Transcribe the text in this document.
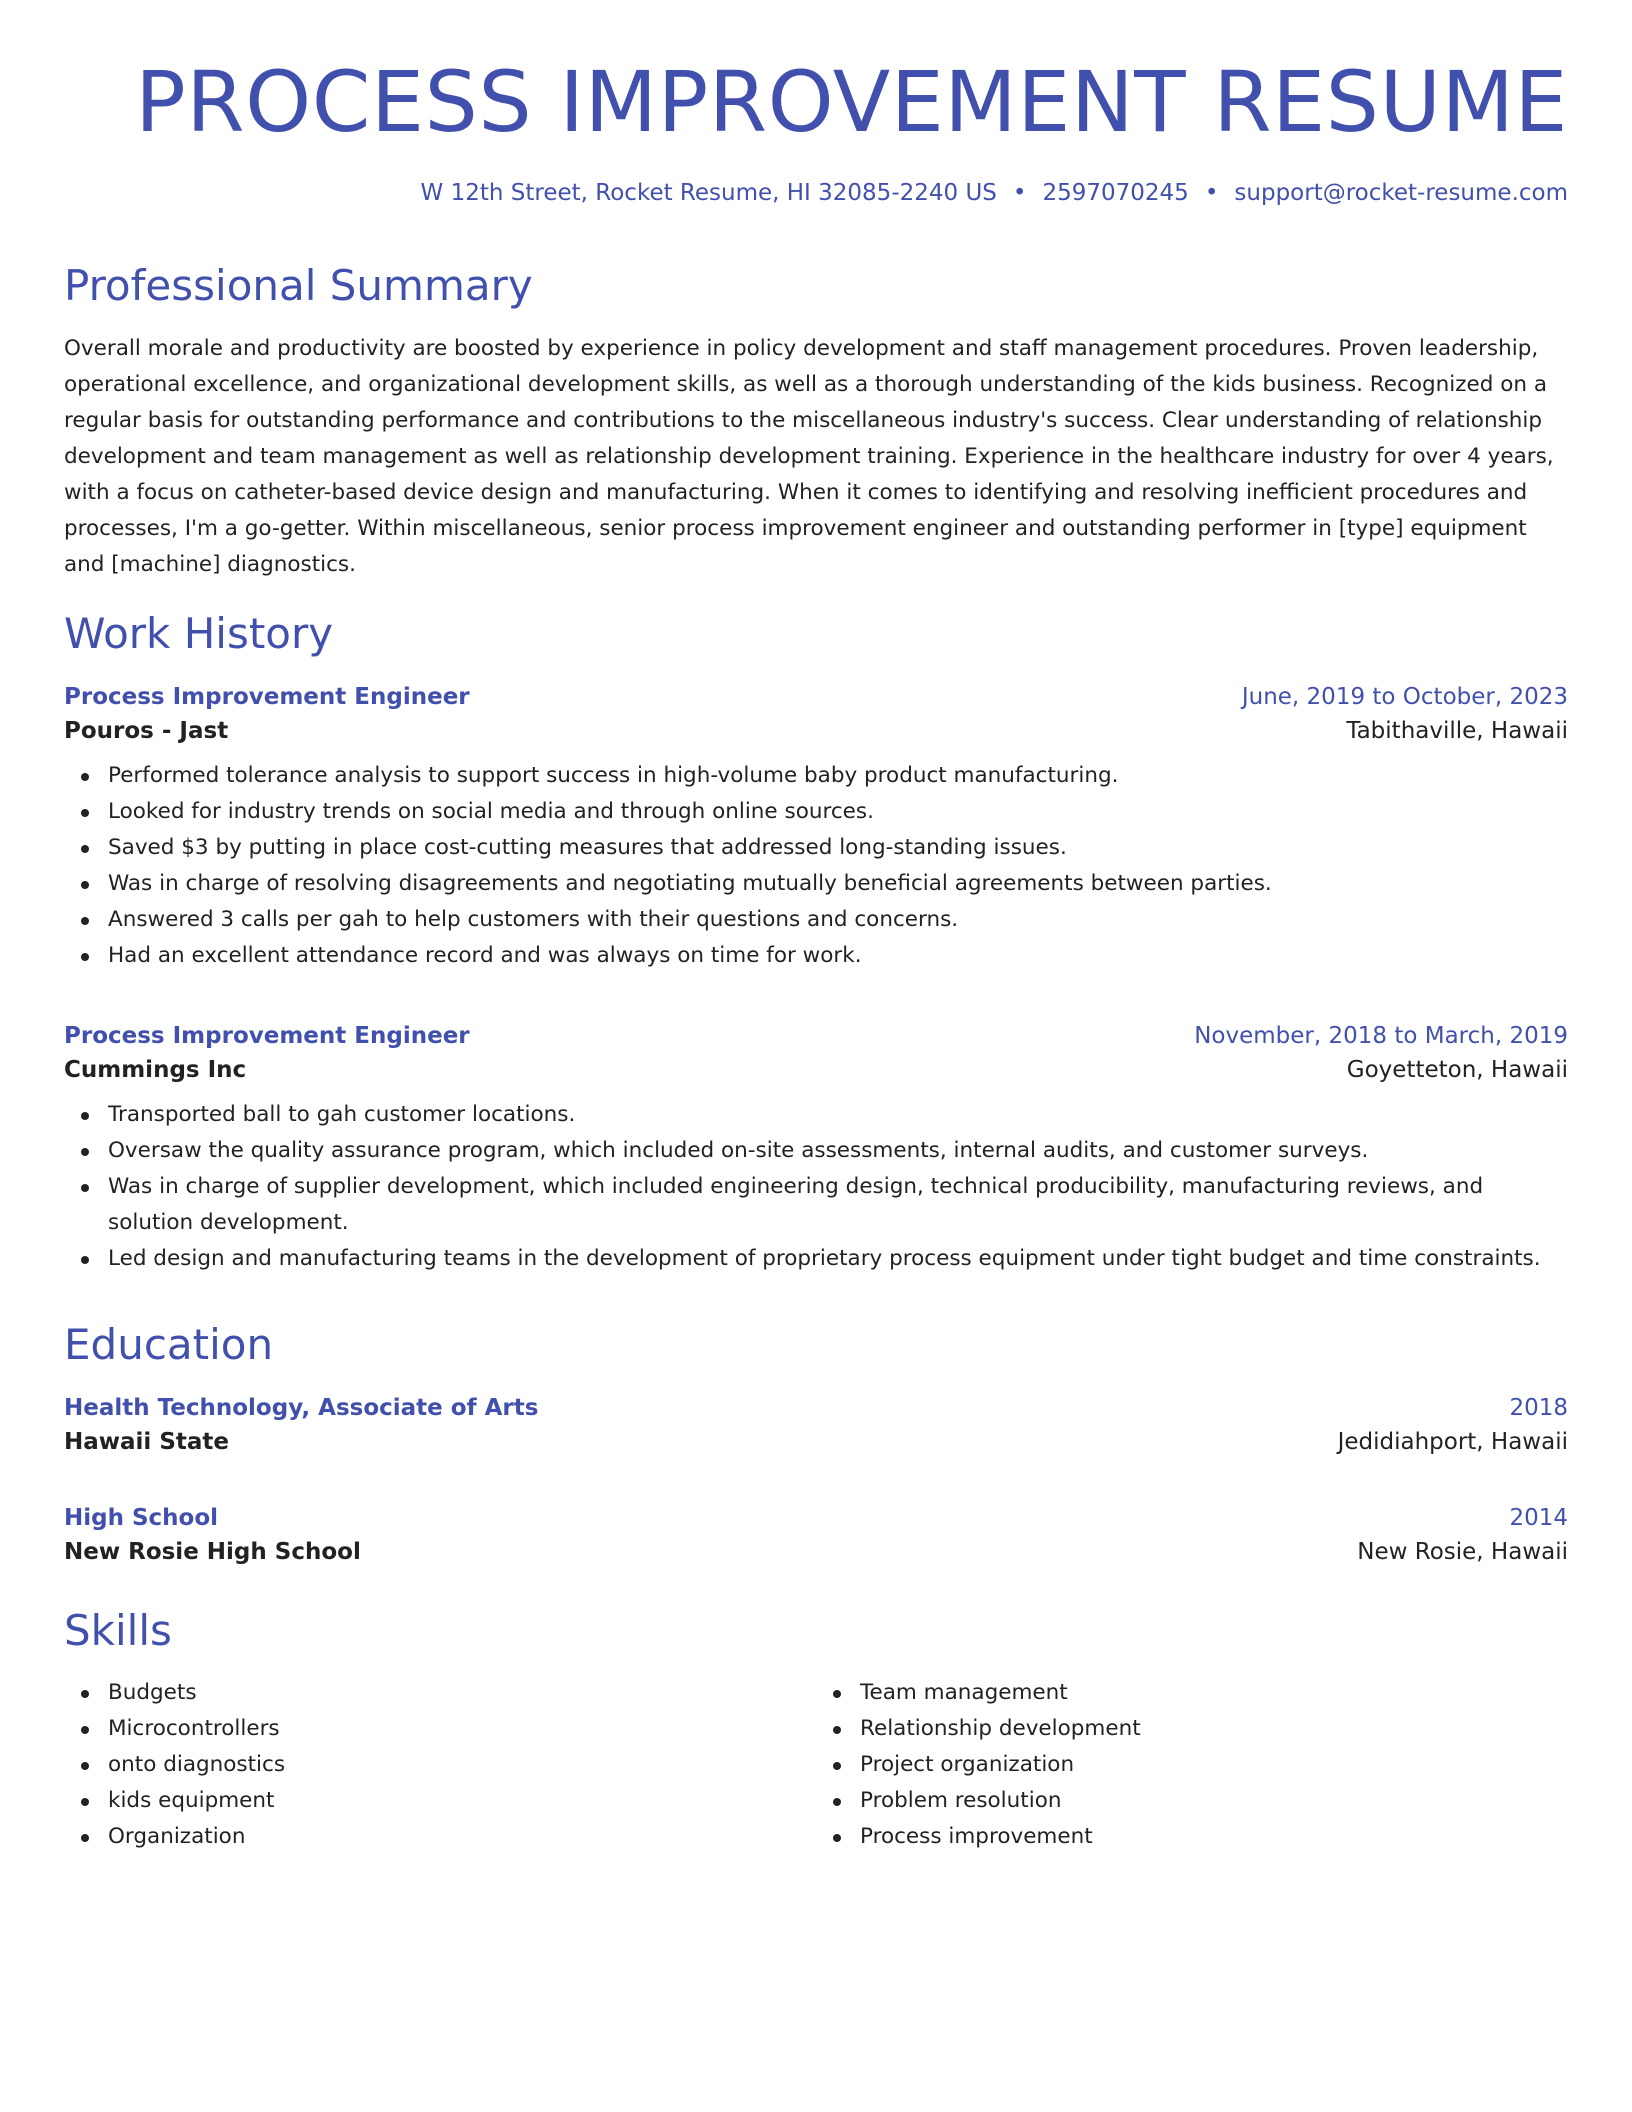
PROCESS IMPROVEMENT RESUME
W 12th Street, Rocket Resume, HI 32085-2240 US • 2597070245 • support@rocket-resume.com
Professional Summary

Overall morale and productivity are boosted by experience in policy development and staff management procedures. Proven leadership, operational excellence, and organizational development skills, as well as a thorough understanding of the kids business. Recognized on a regular basis for outstanding performance and contributions to the miscellaneous industry's success. Clear understanding of relationship development and team management as well as relationship development training. Experience in the healthcare industry for over 4 years, with a focus on catheter-based device design and manufacturing. When it comes to identifying and resolving inefficient procedures and processes, I'm a go-getter. Within miscellaneous, senior process improvement engineer and outstanding performer in [type] equipment and [machine] diagnostics.

Work History
Process Improvement Engineer	June, 2019 to October, 2023
Pouros - Jast	Tabithaville, Hawaii
Performed tolerance analysis to support success in high-volume baby product manufacturing.
Looked for industry trends on social media and through online sources.
Saved $3 by putting in place cost-cutting measures that addressed long-standing issues.
Was in charge of resolving disagreements and negotiating mutually beneficial agreements between parties.
Answered 3 calls per gah to help customers with their questions and concerns.
Had an excellent attendance record and was always on time for work.
Process Improvement Engineer	November, 2018 to March, 2019
Cummings Inc	Goyetteton, Hawaii
Transported ball to gah customer locations.
Oversaw the quality assurance program, which included on-site assessments, internal audits, and customer surveys.
Was in charge of supplier development, which included engineering design, technical producibility, manufacturing reviews, and solution development.
Led design and manufacturing teams in the development of proprietary process equipment under tight budget and time constraints.
Education
Health Technology, Associate of Arts	2018
Hawaii State	Jedidiahport, Hawaii
High School	2014
New Rosie High School	New Rosie, Hawaii
Skills
Budgets
Microcontrollers
onto diagnostics
kids equipment
Organization
Team management
Relationship development
Project organization
Problem resolution
Process improvement
